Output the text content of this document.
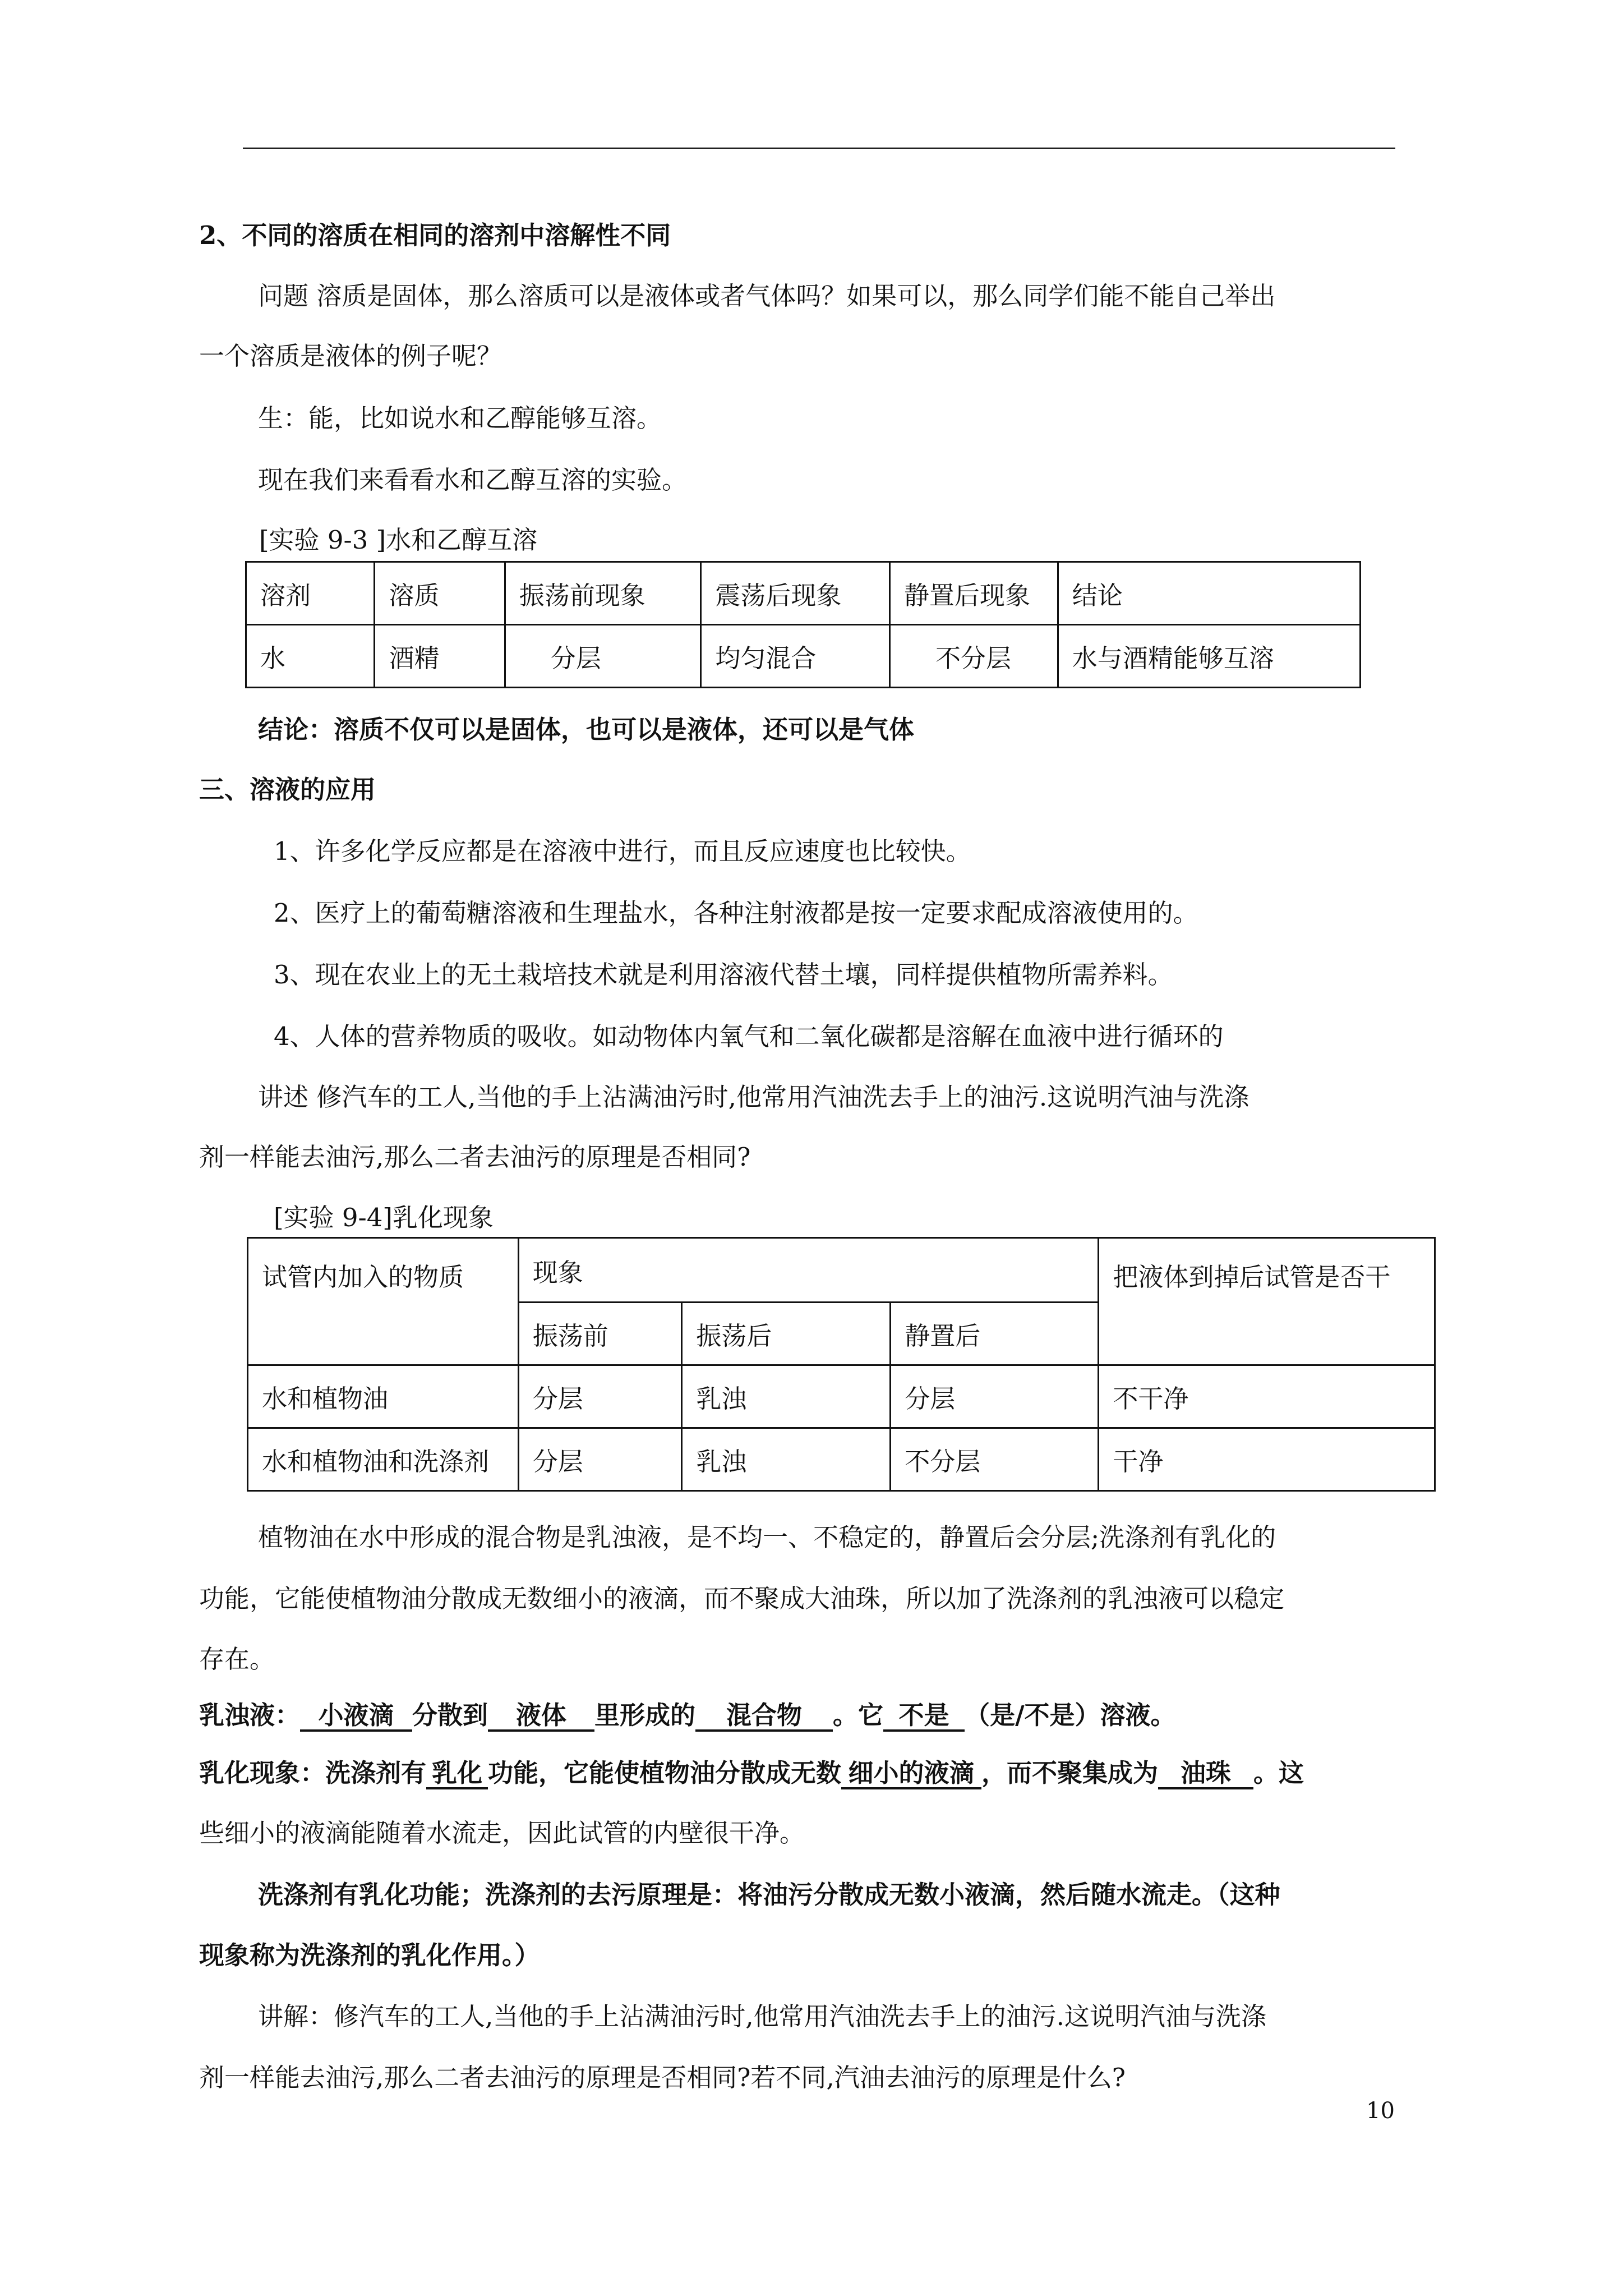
2、不同的溶质在相同的溶剂中溶解性不同
问题 溶质是固体，那么溶质可以是液体或者气体吗？如果可以，那么同学们能不能自己举出
一个溶质是液体的例子呢？
生：能，比如说水和乙醇能够互溶。
现在我们来看看水和乙醇互溶的实验。
[实验 9-3 ]水和乙醇互溶
溶剂	溶质	振荡前现象	震荡后现象	静置后现象	结论
水	酒精	分层	均匀混合	不分层	水与酒精能够互溶
结论：溶质不仅可以是固体，也可以是液体，还可以是气体
三、溶液的应用
1、许多化学反应都是在溶液中进行，而且反应速度也比较快。
2、医疗上的葡萄糖溶液和生理盐水，各种注射液都是按一定要求配成溶液使用的。
3、现在农业上的无土栽培技术就是利用溶液代替土壤，同样提供植物所需养料。
4、人体的营养物质的吸收。如动物体内氧气和二氧化碳都是溶解在血液中进行循环的
讲述 修汽车的工人,当他的手上沾满油污时,他常用汽油洗去手上的油污.这说明汽油与洗涤
剂一样能去油污,那么二者去油污的原理是否相同?
[实验 9-4]乳化现象
试管内加入的物质	现象			把液体到掉后试管是否干
	振荡前	振荡后	静置后	
水和植物油	分层	乳浊	分层	不干净
水和植物油和洗涤剂	分层	乳浊	不分层	干净
植物油在水中形成的混合物是乳浊液，是不均一、不稳定的，静置后会分层;洗涤剂有乳化的
功能，它能使植物油分散成无数细小的液滴，而不聚成大油珠，所以加了洗涤剂的乳浊液可以稳定
存在。
乳浊液： 小液滴 分散到 液体 里形成的 混合物 。它 不是 （是/不是）溶液。
乳化现象：洗涤剂有 乳化 功能，它能使植物油分散成无数 细小的液滴 ，而不聚集成为 油珠 。这
些细小的液滴能随着水流走，因此试管的内壁很干净。
洗涤剂有乳化功能；洗涤剂的去污原理是：将油污分散成无数小液滴，然后随水流走。（这种
现象称为洗涤剂的乳化作用。）
讲解：修汽车的工人,当他的手上沾满油污时,他常用汽油洗去手上的油污.这说明汽油与洗涤
剂一样能去油污,那么二者去油污的原理是否相同?若不同,汽油去油污的原理是什么?
10
